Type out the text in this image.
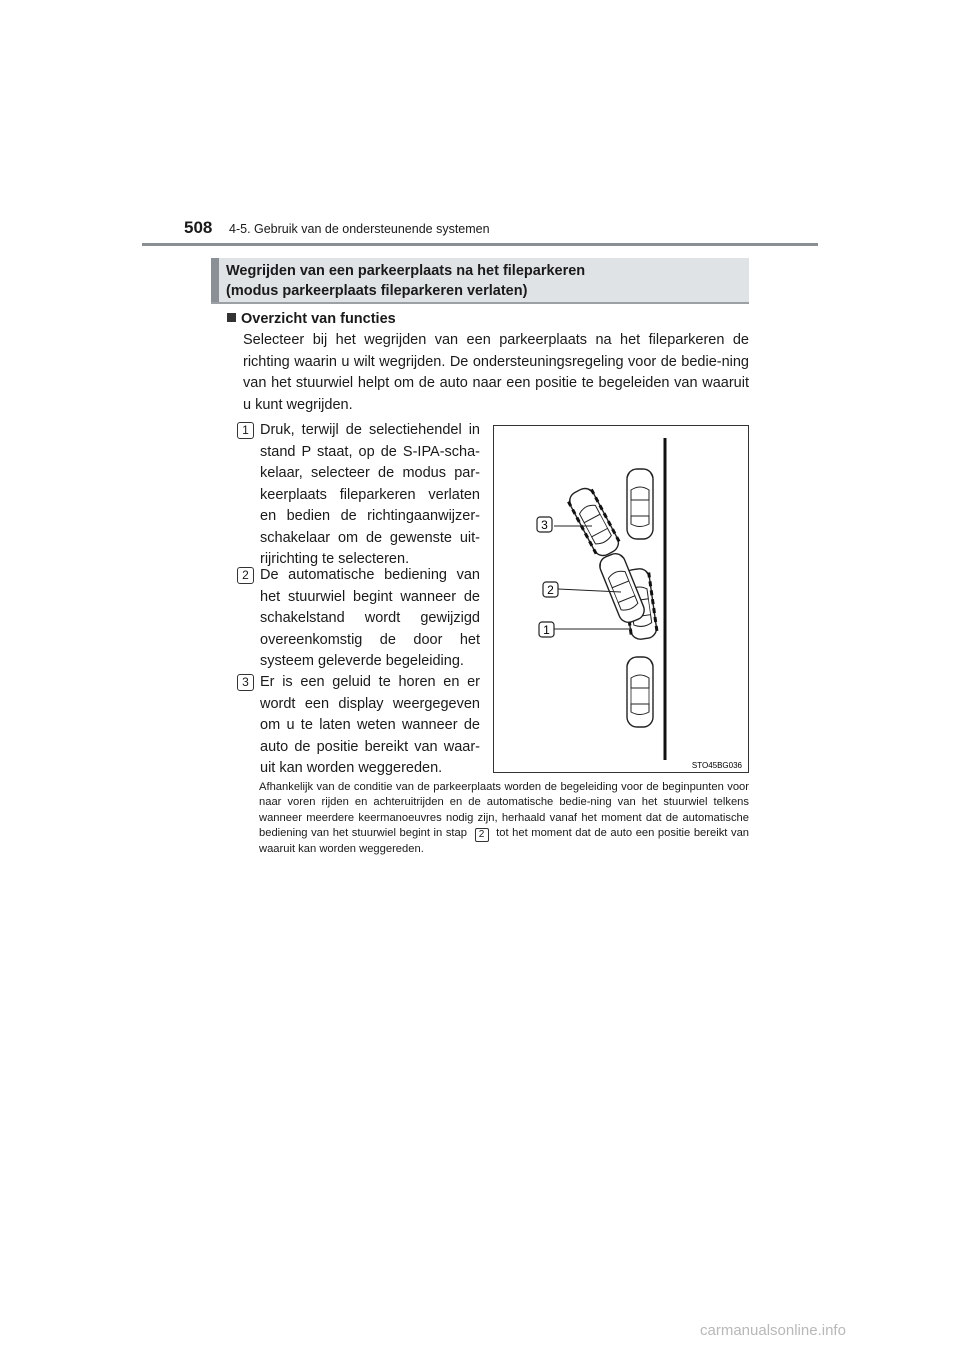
508 4-5. Gebruik van de ondersteunende systemen
Wegrijden van een parkeerplaats na het fileparkeren
(modus parkeerplaats fileparkeren verlaten)
Overzicht van functies

Selecteer bij het wegrijden van een parkeerplaats na het fileparkeren de richting waarin u wilt wegrijden. De ondersteuningsregeling voor de bedie-ning van het stuurwiel helpt om de auto naar een positie te begeleiden van waaruit u kunt wegrijden.

1 Druk, terwijl de selectiehendel in stand P staat, op de S-IPA-scha-kelaar, selecteer de modus par-keerplaats fileparkeren verlaten en bedien de richtingaanwijzer-schakelaar om de gewenste uit-rijrichting te selecteren.

2 De automatische bediening van het stuurwiel begint wanneer de schakelstand wordt gewijzigd overeenkomstig de door het systeem geleverde begeleiding.

3 Er is een geluid te horen en er wordt een display weergegeven om u te laten weten wanneer de auto de positie bereikt van waar-uit kan worden weggereden.

3
2
1
STO45BG036

Afhankelijk van de conditie van de parkeerplaats worden de begeleiding voor de beginpunten voor naar voren rijden en achteruitrijden en de automatische bedie-ning van het stuurwiel telkens wanneer meerdere keermanoeuvres nodig zijn, herhaald vanaf het moment dat de automatische bediening van het stuurwiel begint in stap 2 tot het moment dat de auto een positie bereikt van waaruit kan worden weggereden.

carmanualsonline.info
